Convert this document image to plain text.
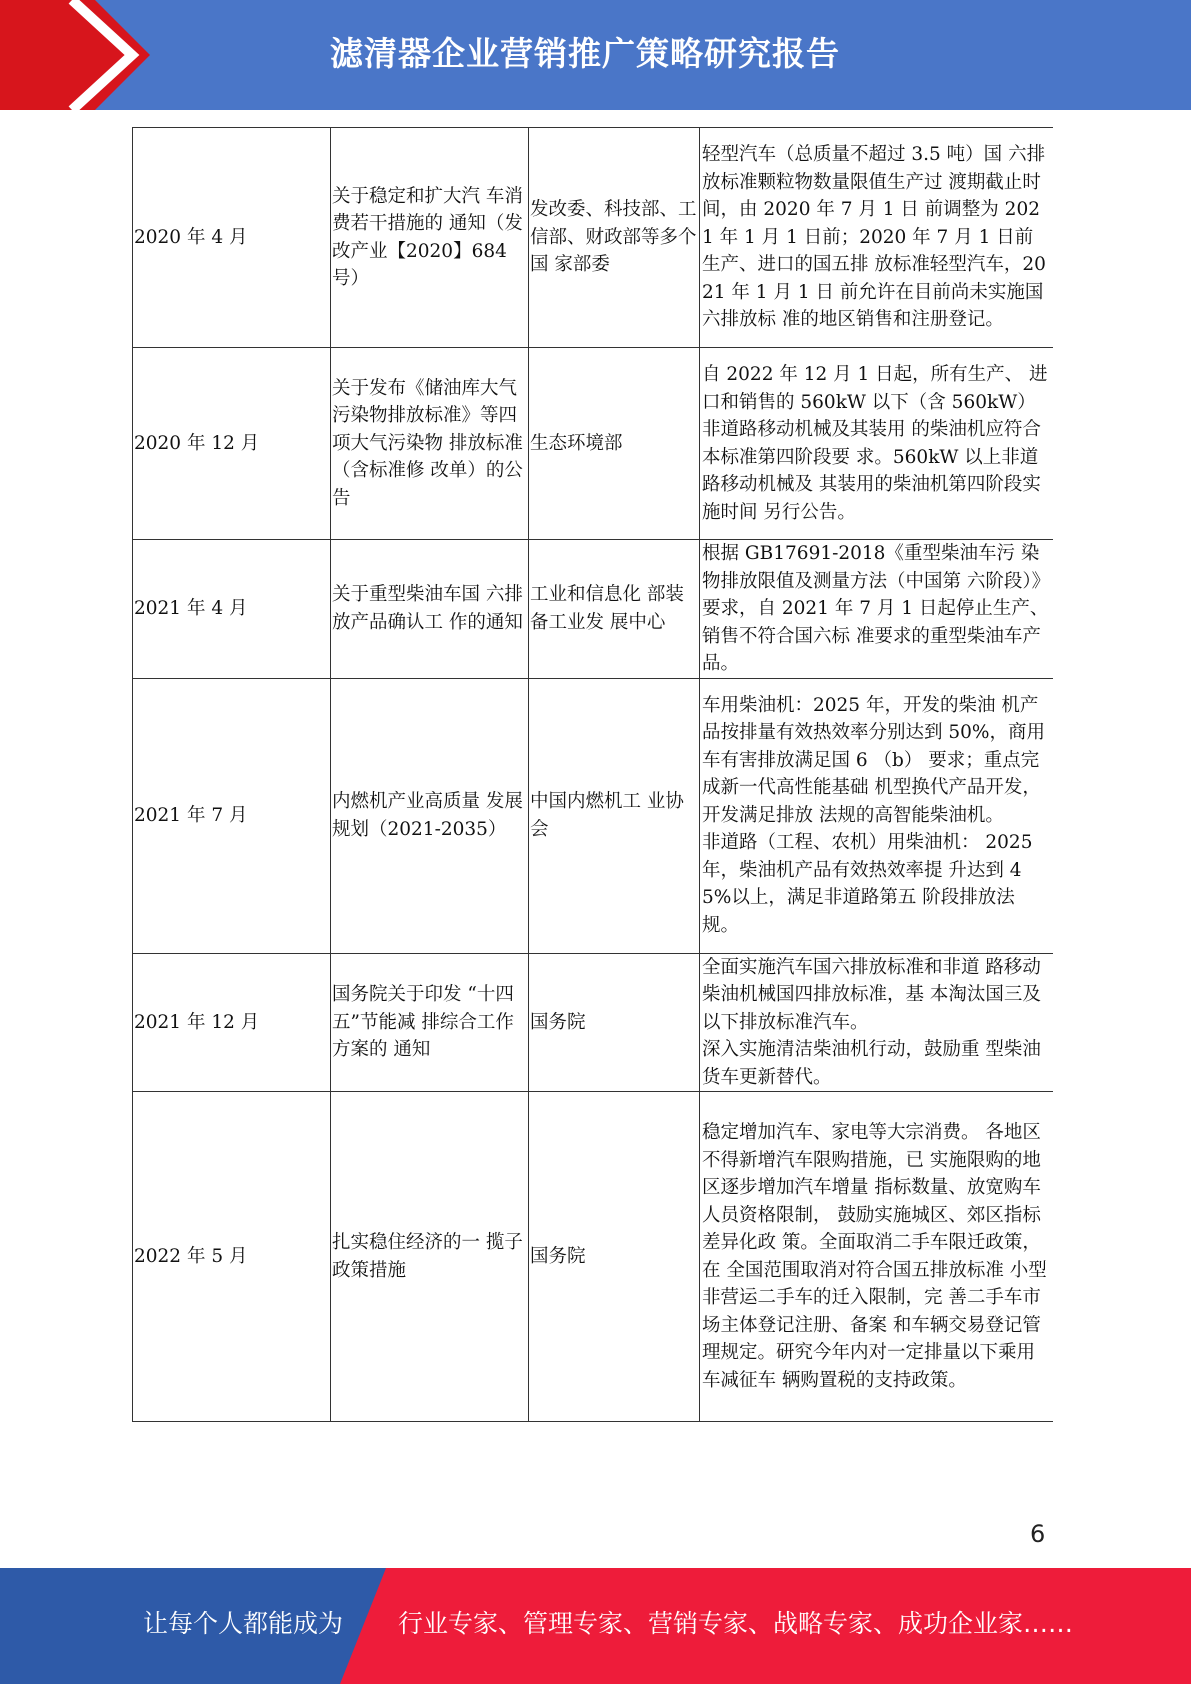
滤清器企业营销推广策略研究报告
2020 年 4 月	关于稳定和扩大汽 车消费若干措施的 通知（发改产业【2020】684 号）	发改委、科技部、工信部、财政部等多个国 家部委	轻型汽车（总质量不超过 3.5 吨）国 六排放标准颗粒物数量限值生产过 渡期截止时间，由 2020 年 7 月 1 日 前调整为 2021 年 1 月 1 日前；2020 年 7 月 1 日前生产、进口的国五排 放标准轻型汽车，2021 年 1 月 1 日 前允许在目前尚未实施国六排放标 准的地区销售和注册登记。
2020 年 12 月	关于发布《储油库大气污染物排放标准》等四项大气污染物 排放标准（含标准修 改单）的公告	生态环境部	自 2022 年 12 月 1 日起，所有生产、 进口和销售的 560kW 以下（含 560kW）非道路移动机械及其装用 的柴油机应符合本标准第四阶段要 求。560kW 以上非道路移动机械及 其装用的柴油机第四阶段实施时间 另行公告。
2021 年 4 月	关于重型柴油车国 六排放产品确认工 作的通知	工业和信息化 部装备工业发 展中心	根据 GB17691-2018《重型柴油车污 染物排放限值及测量方法（中国第 六阶段）》要求，自 2021 年 7 月 1 日起停止生产、销售不符合国六标 准要求的重型柴油车产品。
2021 年 7 月	内燃机产业高质量 发展规划（2021-2035）	中国内燃机工 业协会	车用柴油机：2025 年，开发的柴油 机产品按排量有效热效率分别达到 50%，商用车有害排放满足国 6 （b） 要求；重点完成新一代高性能基础 机型换代产品开发，开发满足排放 法规的高智能柴油机。
非道路（工程、农机）用柴油机： 2025 年，柴油机产品有效热效率提 升达到 45%以上，满足非道路第五 阶段排放法规。
2021 年 12 月	国务院关于印发 “十四五”节能减 排综合工作方案的 通知	国务院	全面实施汽车国六排放标准和非道 路移动柴油机械国四排放标准，基 本淘汰国三及以下排放标准汽车。
深入实施清洁柴油机行动，鼓励重 型柴油货车更新替代。
2022 年 5 月	扎实稳住经济的一 揽子政策措施	国务院	稳定增加汽车、家电等大宗消费。 各地区不得新增汽车限购措施，已 实施限购的地区逐步增加汽车增量 指标数量、放宽购车人员资格限制， 鼓励实施城区、郊区指标差异化政 策。全面取消二手车限迁政策，在 全国范围取消对符合国五排放标准 小型非营运二手车的迁入限制，完 善二手车市场主体登记注册、备案 和车辆交易登记管理规定。研究今年内对一定排量以下乘用车减征车 辆购置税的支持政策。
6
让每个人都能成为 行业专家、管理专家、营销专家、战略专家、成功企业家……
